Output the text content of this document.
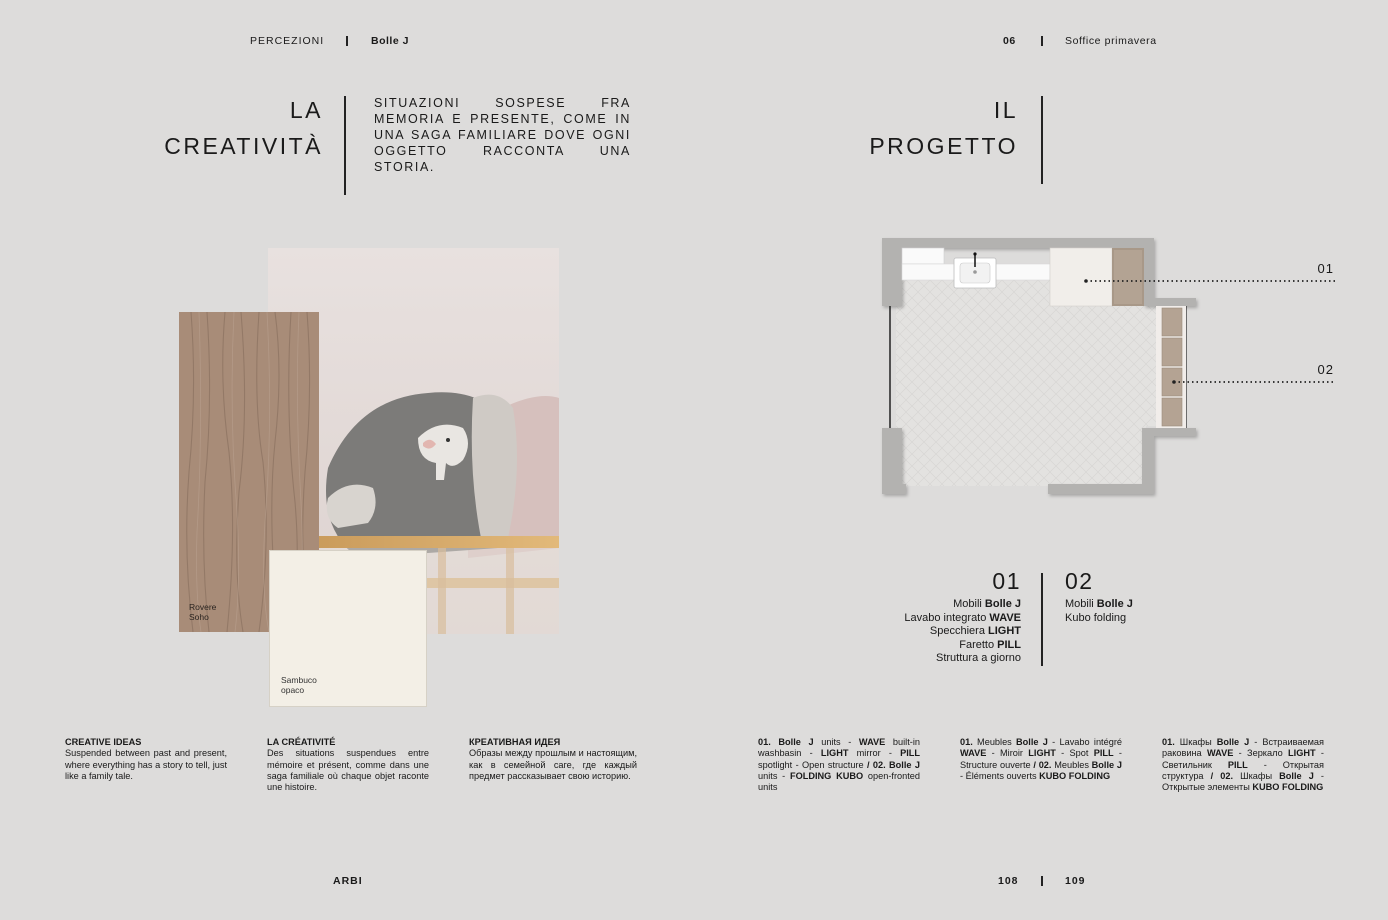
PERCEZIONI	Bolle J	06	Soffice primavera
LA
CREATIVITÀ
SITUAZIONI SOSPESE FRA MEMORIA E PRESENTE, COME IN UNA SAGA FAMILIARE DOVE OGNI OGGETTO RACCONTA UNA STORIA.
Rovere
Soho
Sambuco
opaco
CREATIVE IDEAS
Suspended between past and present, where everything has a story to tell, just like a family tale.
LA CRÉATIVITÉ
Des situations suspendues entre mémoire et présent, comme dans une saga familiale où chaque objet raconte une histoire.
КРЕАТИВНАЯ ИДЕЯ
Образы между прошлым и настоящим, как в семейной саге, где каждый предмет рассказывает свою историю.
IL
PROGETTO
01
02
01
Mobili Bolle J
Lavabo integrato WAVE
Specchiera LIGHT
Faretto PILL
Struttura a giorno
02
Mobili Bolle J
Kubo folding
01. Bolle J units - WAVE built-in washbasin - LIGHT mirror - PILL spotlight - Open structure / 02. Bolle J units - FOLDING KUBO open-fronted units
01. Meubles Bolle J - Lavabo intégré WAVE - Miroir LIGHT - Spot PILL - Structure ouverte / 02. Meubles Bolle J - Éléments ouverts KUBO FOLDING
01. Шкафы Bolle J - Встраиваемая раковина WAVE - Зеркало LIGHT - Светильник PILL - Открытая структура / 02. Шкафы Bolle J - Открытые элементы KUBO FOLDING
ARBI	108	109
